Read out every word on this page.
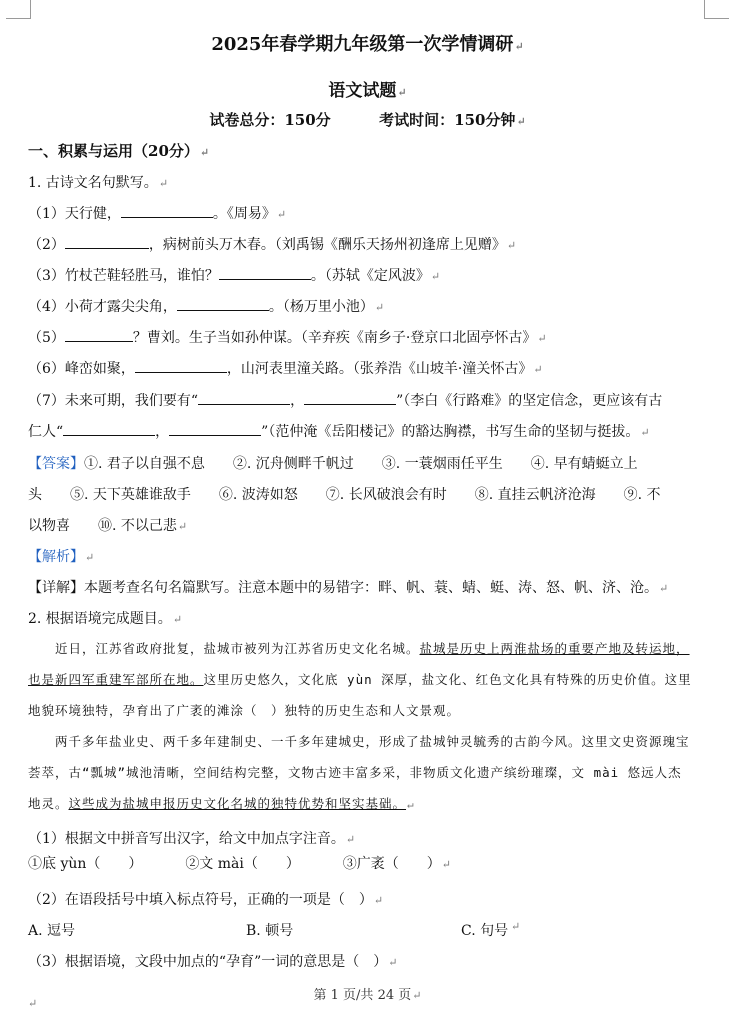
2025年春学期九年级第一次学情调研↵
语文试题↵
试卷总分：150分	考试时间：150分钟↵
一、积累与运用（20分）↵
1. 古诗文名句默写。↵
（1）天行健，	。《周易》↵
（2）	，病树前头万木春。（刘禹锡《酬乐天扬州初逢席上见赠》↵
（3）竹杖芒鞋轻胜马，谁怕？	。（苏轼《定风波》↵
（4）小荷才露尖尖角，	。（杨万里小池）↵
（5）	？曹刘。生子当如孙仲谋。（辛弃疾《南乡子·登京口北固亭怀古》↵
（6）峰峦如聚，	，山河表里潼关路。（张养浩《山坡羊·潼关怀古》↵
（7）未来可期，我们要有“	，	”（李白《行路难》的坚定信念，更应该有古
仁人“	，	”（范仲淹《岳阳楼记》的豁达胸襟，书写生命的坚韧与挺拔。↵
【答案】①. 君子以自强不息　　②. 沉舟侧畔千帆过　　③. 一蓑烟雨任平生　　④. 早有蜻蜓立上
头　　⑤. 天下英雄谁敌手　　⑥. 波涛如怒　　⑦. 长风破浪会有时　　⑧. 直挂云帆济沧海　　⑨. 不
以物喜　　⑩. 不以己悲↵
【解析】↵
【详解】本题考查名句名篇默写。注意本题中的易错字：畔、帆、蓑、蜻、蜓、涛、怒、帆、济、沧。↵
2. 根据语境完成题目。↵
　　近日，江苏省政府批复，盐城市被列为江苏省历史文化名城。盐城是历史上两淮盐场的重要产地及转运地，也是新四军重建军部所在地。这里历史悠久，文化底 yùn 深厚，盐文化、红色文化具有特殊的历史价值。这里地貌环境独特，孕育出了广袤的滩涂（　）独特的历史生态和人文景观。
　　两千多年盐业史、两千多年建制史、一千多年建城史，形成了盐城钟灵毓秀的古韵今风。这里文史资源瑰宝荟萃，古“瓢城”城池清晰，空间结构完整，文物古迹丰富多采，非物质文化遗产缤纷璀璨，文 mài 悠远人杰地灵。这些成为盐城申报历史文化名城的独特优势和坚实基础。↵
（1）根据文中拼音写出汉字，给文中加点字注音。↵
①底 yùn（　　）	②文 mài（　　）	③广袤（　　）↵
（2）在语段括号中填入标点符号，正确的一项是（　）↵
A. 逗号	B. 顿号	C. 句号 ↵
（3）根据语境，文段中加点的“孕育”一词的意思是（　）↵
第 1 页/共 24 页↵
↵
